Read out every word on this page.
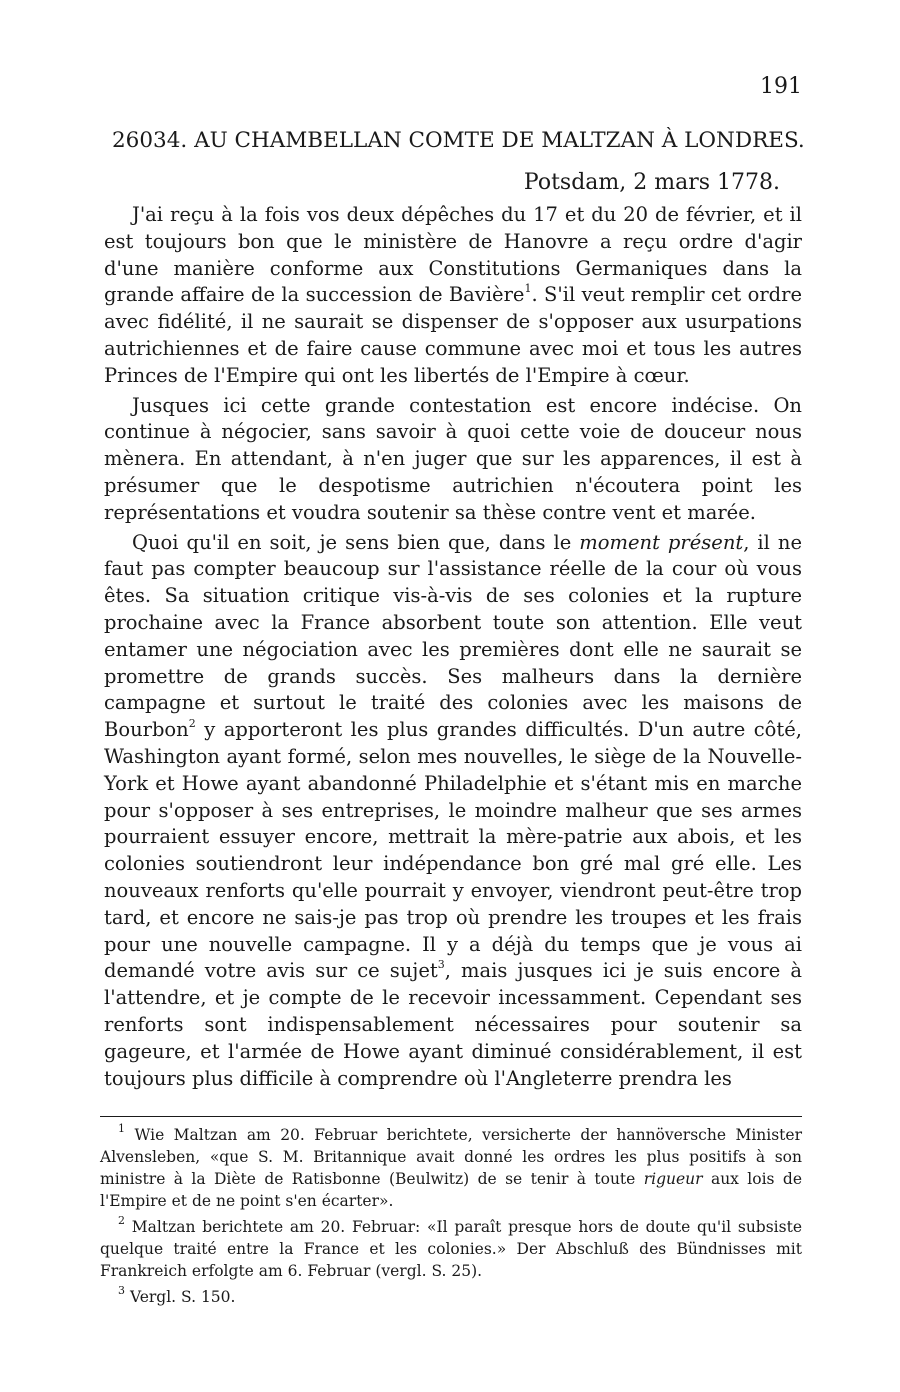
191
26034. AU CHAMBELLAN COMTE DE MALTZAN À LONDRES.
Potsdam, 2 mars 1778.

J'ai reçu à la fois vos deux dépêches du 17 et du 20 de février, et il est toujours bon que le ministère de Hanovre a reçu ordre d'agir d'une manière conforme aux Constitutions Germaniques dans la grande affaire de la succession de Bavière$^1$. S'il veut remplir cet ordre avec fidélité, il ne saurait se dispenser de s'opposer aux usurpations autrichiennes et de faire cause commune avec moi et tous les autres Princes de l'Empire qui ont les libertés de l'Empire à cœur.

Jusques ici cette grande contestation est encore indécise. On continue à négocier, sans savoir à quoi cette voie de douceur nous mènera. En attendant, à n'en juger que sur les apparences, il est à présumer que le despotisme autrichien n'écoutera point les représentations et voudra soutenir sa thèse contre vent et marée.

Quoi qu'il en soit, je sens bien que, dans le moment présent, il ne faut pas compter beaucoup sur l'assistance réelle de la cour où vous êtes. Sa situation critique vis-à-vis de ses colonies et la rupture prochaine avec la France absorbent toute son attention. Elle veut entamer une négociation avec les premières dont elle ne saurait se promettre de grands succès. Ses malheurs dans la dernière campagne et surtout le traité des colonies avec les maisons de Bourbon$^2$ y apporteront les plus grandes difficultés. D'un autre côté, Washington ayant formé, selon mes nouvelles, le siège de la Nouvelle-York et Howe ayant abandonné Philadelphie et s'étant mis en marche pour s'opposer à ses entreprises, le moindre malheur que ses armes pourraient essuyer encore, mettrait la mère-patrie aux abois, et les colonies soutiendront leur indépendance bon gré mal gré elle. Les nouveaux renforts qu'elle pourrait y envoyer, viendront peut-être trop tard, et encore ne sais-je pas trop où prendre les troupes et les frais pour une nouvelle campagne. Il y a déjà du temps que je vous ai demandé votre avis sur ce sujet$^3$, mais jusques ici je suis encore à l'attendre, et je compte de le recevoir incessamment. Cependant ses renforts sont indispensablement nécessaires pour soutenir sa gageure, et l'armée de Howe ayant diminué considérablement, il est toujours plus difficile à comprendre où l'Angleterre prendra les

$^1$ Wie Maltzan am 20. Februar berichtete, versicherte der hannöversche Minister Alvensleben, «que S. M. Britannique avait donné les ordres les plus positifs à son ministre à la Diète de Ratisbonne (Beulwitz) de se tenir à toute rigueur aux lois de l'Empire et de ne point s'en écarter».

$^2$ Maltzan berichtete am 20. Februar: «Il paraît presque hors de doute qu'il subsiste quelque traité entre la France et les colonies.» Der Abschluß des Bündnisses mit Frankreich erfolgte am 6. Februar (vergl. S. 25).

$^3$ Vergl. S. 150.
